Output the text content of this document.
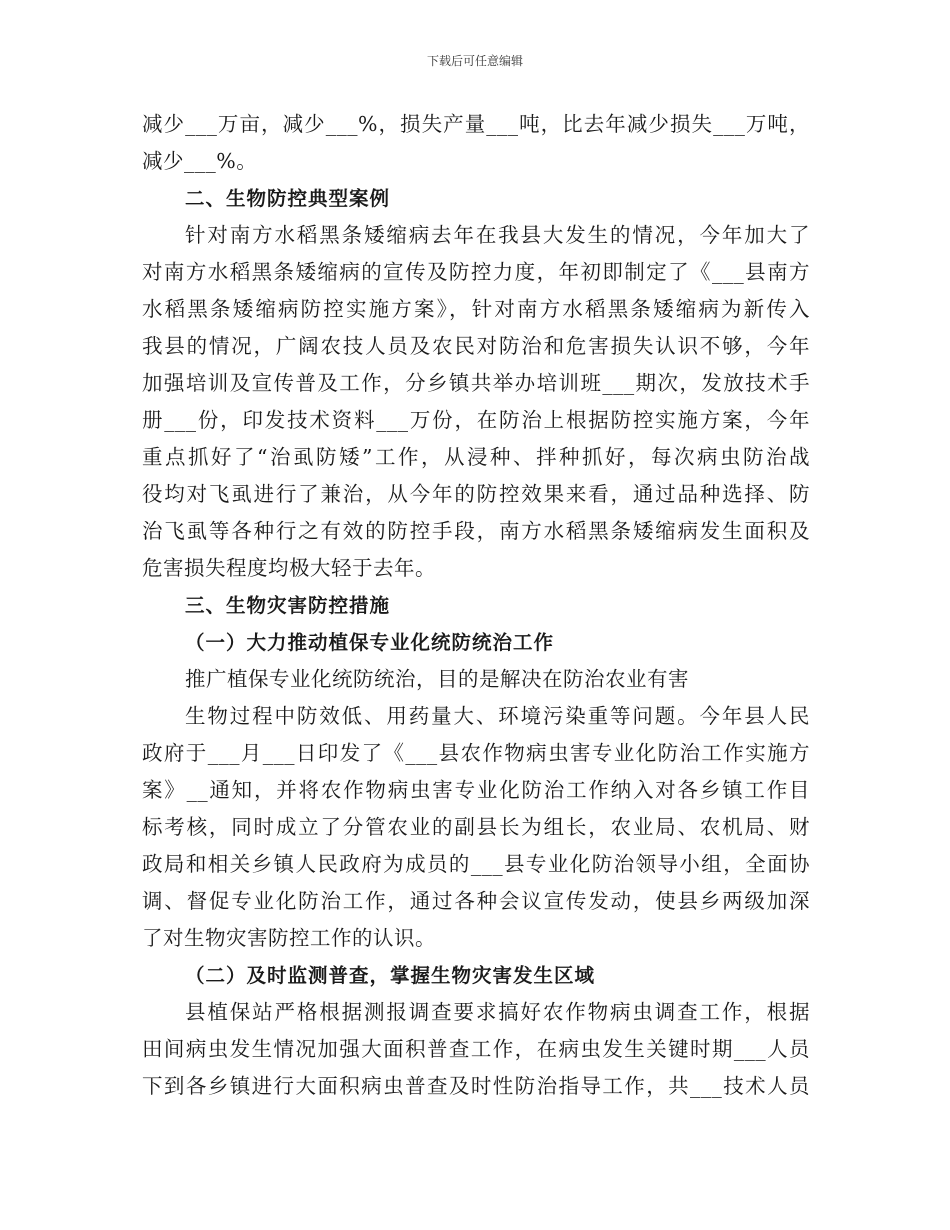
下载后可任意编辑
减少___万亩，减少___%，损失产量___吨，比去年减少损失___万吨，
减少___%。
二、生物防控典型案例
针对南方水稻黑条矮缩病去年在我县大发生的情况，今年加大了
对南方水稻黑条矮缩病的宣传及防控力度，年初即制定了《___县南方
水稻黑条矮缩病防控实施方案》，针对南方水稻黑条矮缩病为新传入
我县的情况，广阔农技人员及农民对防治和危害损失认识不够，今年
加强培训及宣传普及工作，分乡镇共举办培训班___期次，发放技术手
册___份，印发技术资料___万份，在防治上根据防控实施方案，今年
重点抓好了“治虱防矮”工作，从浸种、拌种抓好，每次病虫防治战
役均对飞虱进行了兼治，从今年的防控效果来看，通过品种选择、防
治飞虱等各种行之有效的防控手段，南方水稻黑条矮缩病发生面积及
危害损失程度均极大轻于去年。
三、生物灾害防控措施
（一）大力推动植保专业化统防统治工作
推广植保专业化统防统治，目的是解决在防治农业有害
生物过程中防效低、用药量大、环境污染重等问题。今年县人民
政府于___月___日印发了《___县农作物病虫害专业化防治工作实施方
案》__通知，并将农作物病虫害专业化防治工作纳入对各乡镇工作目
标考核，同时成立了分管农业的副县长为组长，农业局、农机局、财
政局和相关乡镇人民政府为成员的___县专业化防治领导小组，全面协
调、督促专业化防治工作，通过各种会议宣传发动，使县乡两级加深
了对生物灾害防控工作的认识。
（二）及时监测普查，掌握生物灾害发生区域
县植保站严格根据测报调查要求搞好农作物病虫调查工作，根据
田间病虫发生情况加强大面积普查工作，在病虫发生关键时期___人员
下到各乡镇进行大面积病虫普查及时性防治指导工作，共___技术人员
